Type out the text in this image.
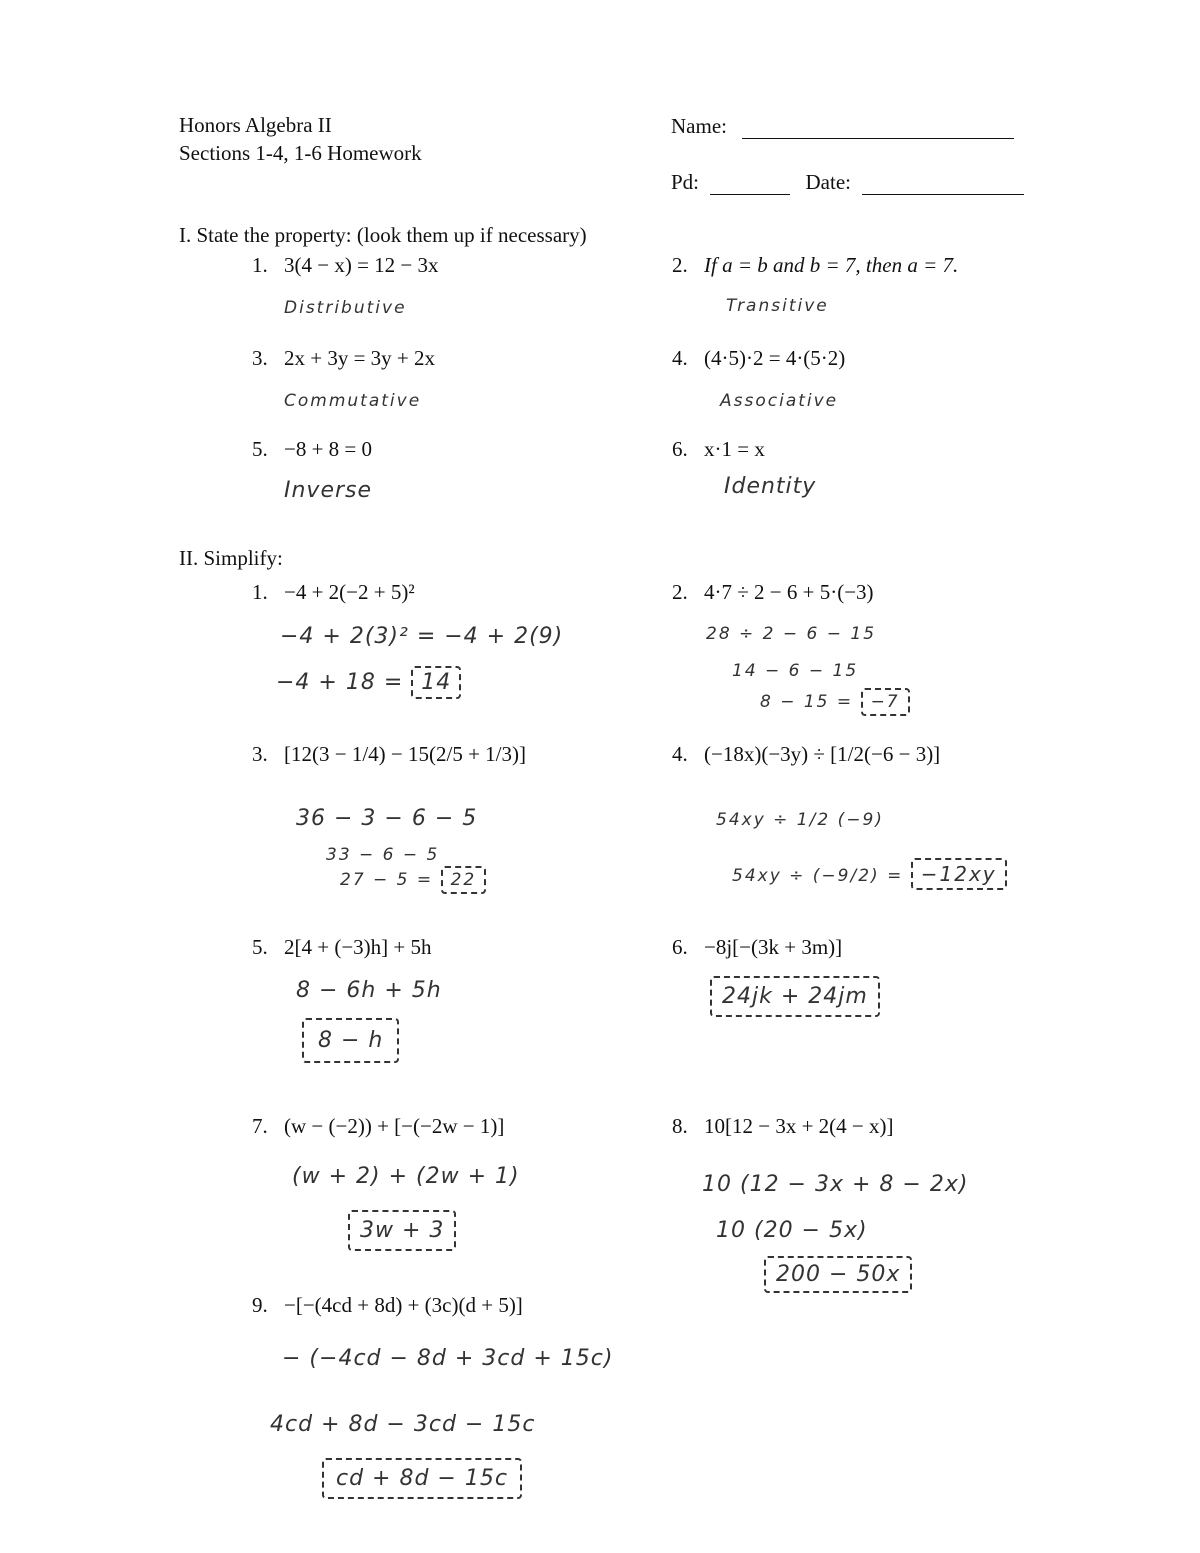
Honors Algebra II
Sections 1-4, 1-6 Homework
Name:
Pd:	Date:
I. State the property: (look them up if necessary)
1. 3(4 − x) = 12 − 3x
Distributive
2. If a = b and b = 7, then a = 7.
Transitive
3. 2x + 3y = 3y + 2x
Commutative
4. (4·5)·2 = 4·(5·2)
Associative
5. −8 + 8 = 0
Inverse
6. x·1 = x
Identity
II. Simplify:
1. −4 + 2(−2 + 5)²
−4 + 2(3)² = −4 + 2(9)
−4 + 18 = 14
2. 4·7 ÷ 2 − 6 + 5·(−3)
28 ÷ 2 − 6 − 15
14 − 6 − 15
8 − 15 = −7
3. [12(3 − 1/4) − 15(2/5 + 1/3)]
36 − 3 − 6 − 5
33 − 6 − 5
27 − 5 = 22
4. (−18x)(−3y) ÷ [1/2(−6 − 3)]
54xy ÷ 1/2 (−9)
54xy ÷ (−9/2) = −12xy
5. 2[4 + (−3)h] + 5h
8 − 6h + 5h
8 − h
6. −8j[−(3k + 3m)]
24jk + 24jm
7. (w − (−2)) + [−(−2w − 1)]
(w + 2) + (2w + 1)
3w + 3
8. 10[12 − 3x + 2(4 − x)]
10 (12 − 3x + 8 − 2x)
10 (20 − 5x)
200 − 50x
9. −[−(4cd + 8d) + (3c)(d + 5)]
− (−4cd − 8d + 3cd + 15c)
4cd + 8d − 3cd − 15c
cd + 8d − 15c
